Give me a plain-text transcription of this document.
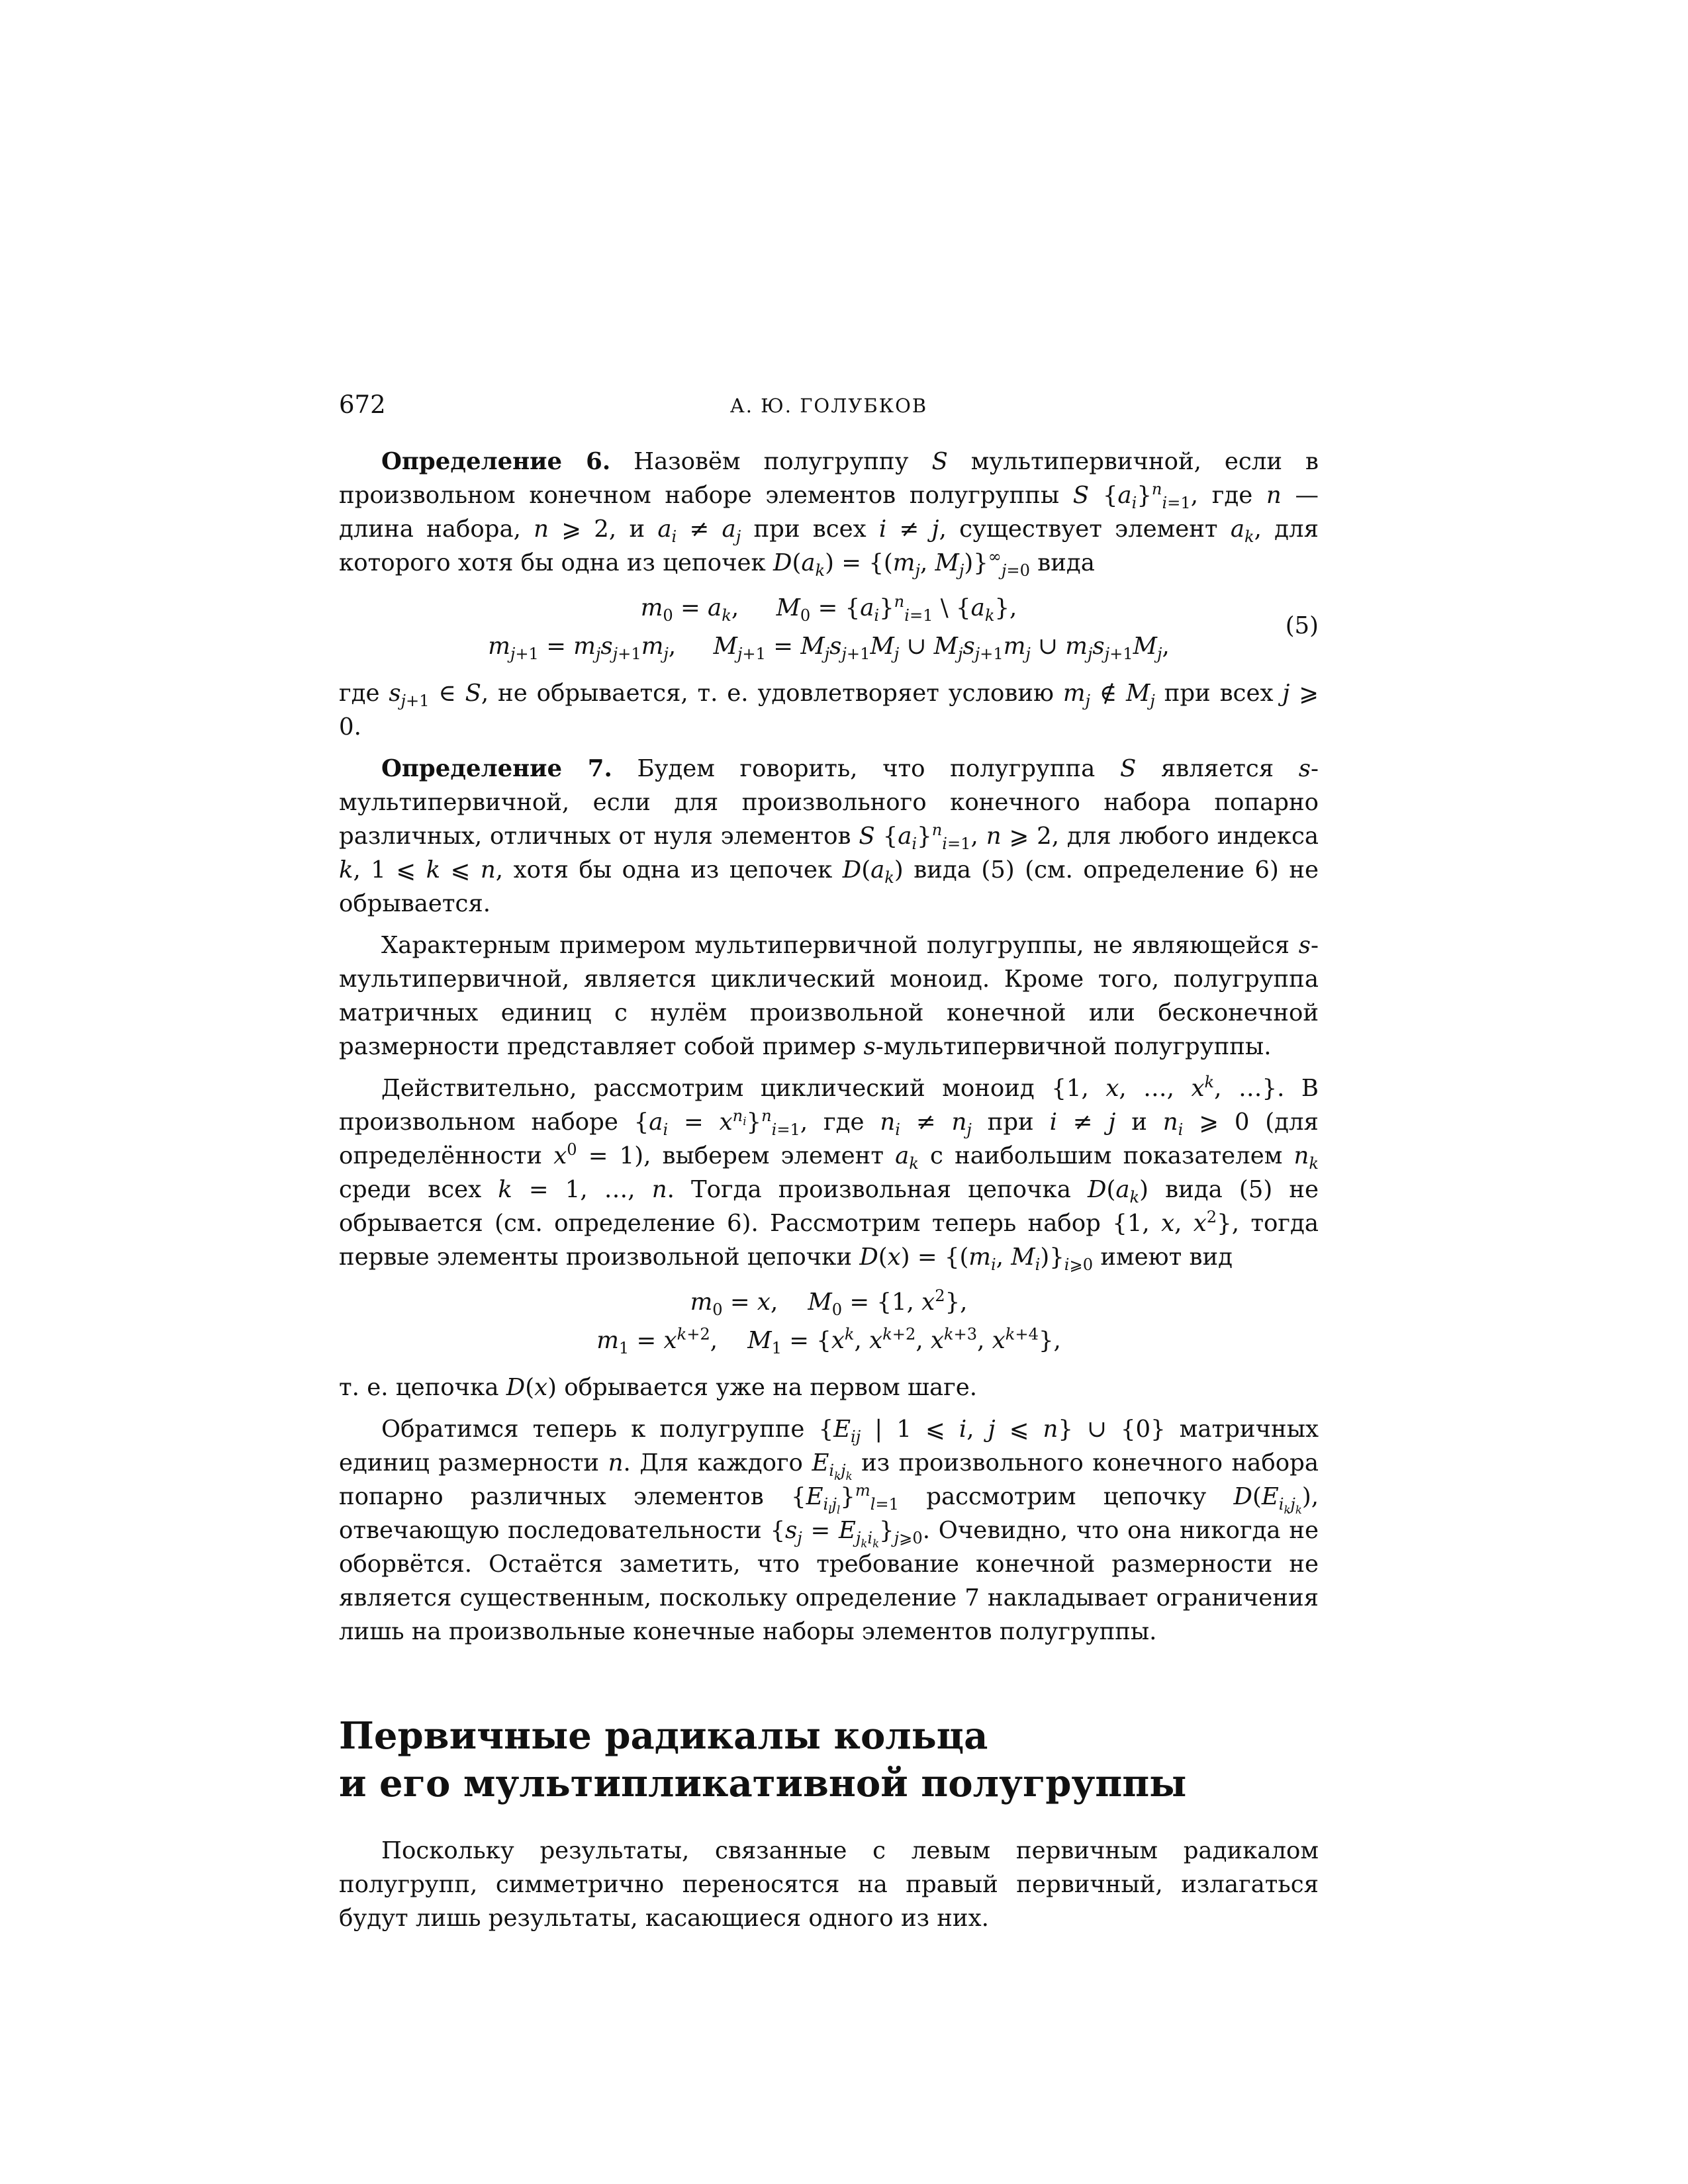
672	А. Ю. ГОЛУБКОВ

Определение 6. Назовём полугруппу S мультипервичной, если в произвольном конечном наборе элементов полугруппы S $\{a_i\}^n_{i=1}$, где n — длина набора, n ⩾ 2, и $a_i \ne a_j$ при всех i ≠ j, существует элемент $a_k$, для которого хотя бы одна из цепочек $D(a_k) = \{(m_j$, $M_j)\}^\infty_{j=0}$ вида

$m_0 = a_k$,     $M_0 = \{a_i\}^n_{i=1}$ \ $\{a_k\}$,
$m_{j+1} = m_js_{j+1}m_j$,     $M_{j+1} = M_js_{j+1}M_j$ ∪ $M_js_{j+1}m_j$ ∪ $m_js_{j+1}M_j$,
(5)

где $s_{j+1}$ ∈ S, не обрывается, т. е. удовлетворяет условию $m_j$ ∉ $M_j$ при всех j ⩾ 0.

Определение 7. Будем говорить, что полугруппа S является s-мультипервичной, если для произвольного конечного набора попарно различных, отличных от нуля элементов S $\{a_i\}^n_{i=1}$, n ⩾ 2, для любого индекса k, 1 ⩽ k ⩽ n, хотя бы одна из цепочек $D(a_k)$ вида (5) (см. определение 6) не обрывается.

Характерным примером мультипервичной полугруппы, не являющейся s-мультипервичной, является циклический моноид. Кроме того, полугруппа матричных единиц с нулём произвольной конечной или бесконечной размерности представляет собой пример s-мультипервичной полугруппы.

Действительно, рассмотрим циклический моноид {1, x, …, $x^k$, …}. В произвольном наборе $\{a_i = x^{n_i}\}^n_{i=1}$, где $n_i \ne n_j$ при i ≠ j и $n_i$ ⩾ 0 (для определённости $x^0 = 1$), выберем элемент $a_k$ с наибольшим показателем $n_k$ среди всех k = 1, …, n. Тогда произвольная цепочка $D(a_k)$ вида (5) не обрывается (см. определение 6). Рассмотрим теперь набор {1, x, $x^2$}, тогда первые элементы произвольной цепочки $D(x) = \{(m_i$, $M_i)\}_{i⩾0}$ имеют вид

$m_0 = x$,    $M_0 = \{1$, $x^2$},
$m_1 = x^{k+2}$,    $M_1 = \{x^k$, $x^{k+2}$, $x^{k+3}$, $x^{k+4}$},

т. е. цепочка D(x) обрывается уже на первом шаге.

Обратимся теперь к полугруппе {$E_{ij}$ | 1 ⩽ i, j ⩽ n} ∪ {0} матричных единиц размерности n. Для каждого $E_{i_kj_k}$ из произвольного конечного набора попарно различных элементов $\{E_{i_lj_l}\}^m_{l=1}$ рассмотрим цепочку $D(E_{i_kj_k})$, отвечающую последовательности $\{s_j = E_{j_ki_k}\}_{j⩾0}$. Очевидно, что она никогда не оборвётся. Остаётся заметить, что требование конечной размерности не является существенным, поскольку определение 7 накладывает ограничения лишь на произвольные конечные наборы элементов полугруппы.

Первичные радикалы кольца
и его мультипликативной полугруппы

Поскольку результаты, связанные с левым первичным радикалом полугрупп, симметрично переносятся на правый первичный, излагаться будут лишь результаты, касающиеся одного из них.
